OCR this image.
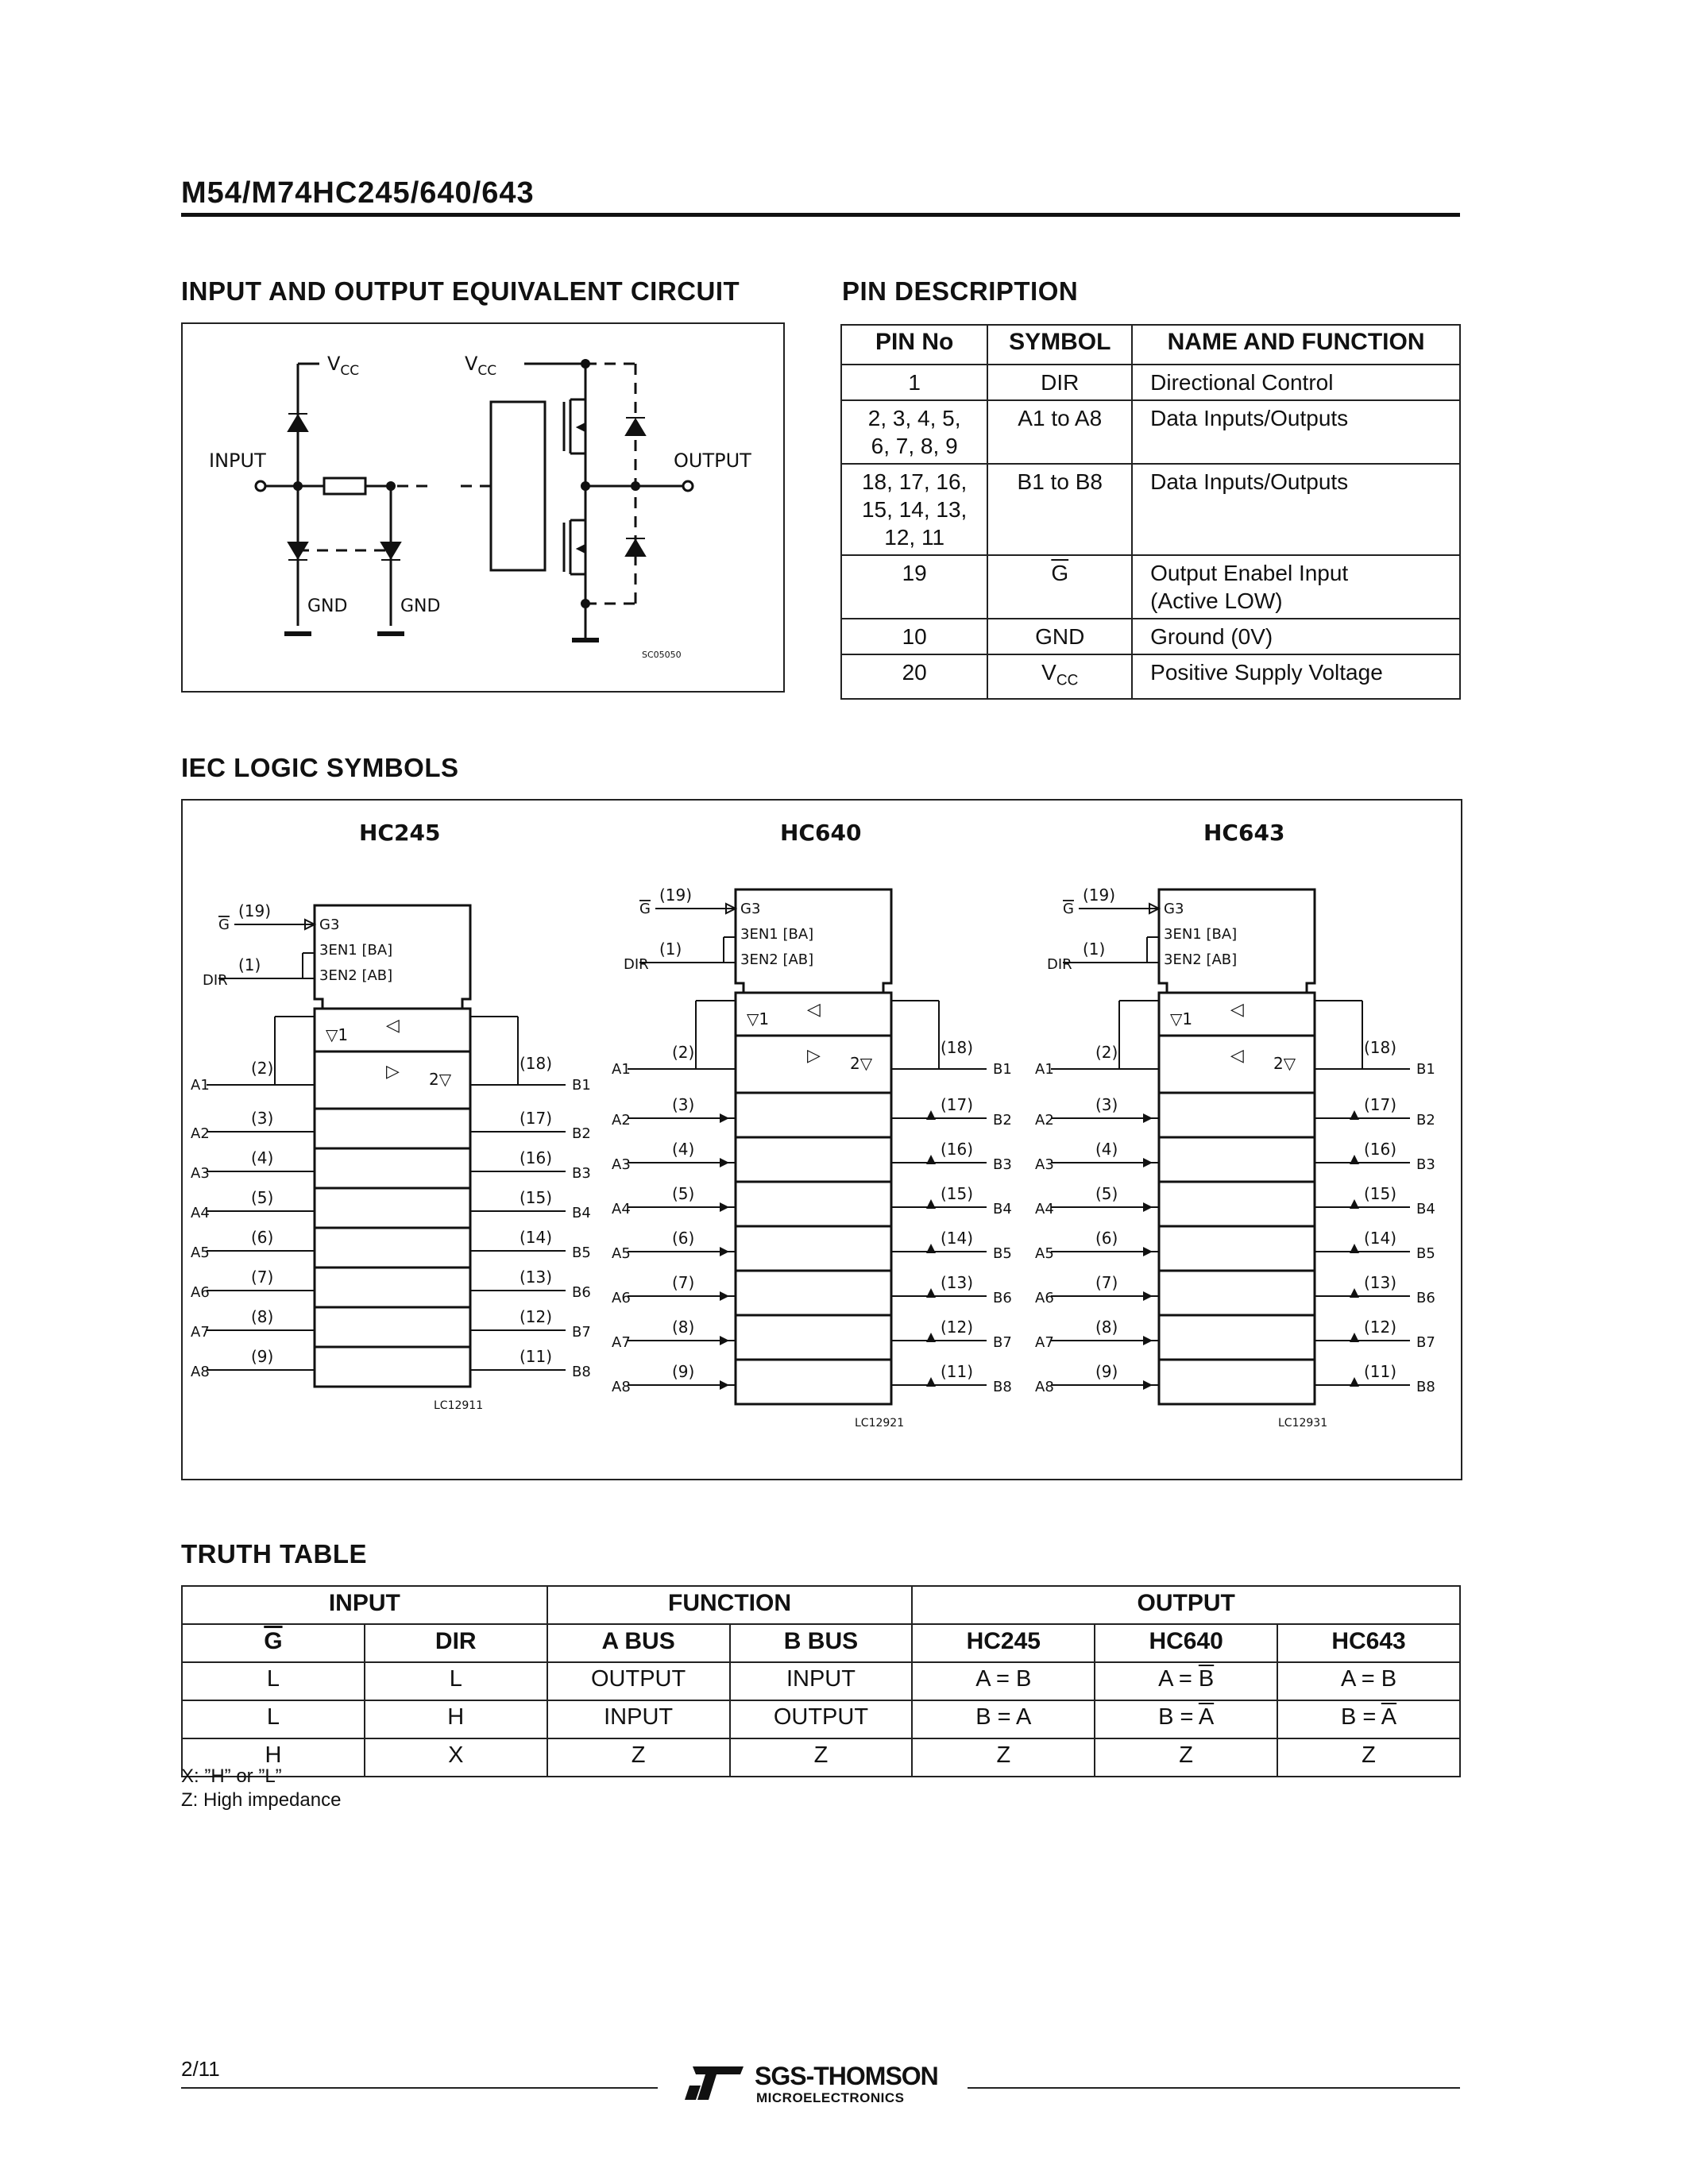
M54/M74HC245/640/643
INPUT AND OUTPUT EQUIVALENT CIRCUIT	PIN DESCRIPTION
$V_{CC}$	$V_{CC}$
INPUT	OUTPUT
GND	GND
SC05050
PIN No	SYMBOL	NAME AND FUNCTION
1	DIR	Directional Control
2, 3, 4, 5,
6, 7, 8, 9	A1 to A8	Data Inputs/Outputs
18, 17, 16,
15, 14, 13,
12, 11	B1 to B8	Data Inputs/Outputs
19	$\overline{G}$	Output Enabel Input
(Active LOW)
10	GND	Ground (0V)
20	$V_{CC}$	Positive Supply Voltage
IEC LOGIC SYMBOLS
HC245
G3
3EN1 [BA]
3EN2 [AB]
G
(19)
DIR
(1)
▽1 ◁
▷ 2▽
A1
(2)
B1
(18)
A2
(3)
B2
(17)
A3
(4)
B3
(16)
A4
(5)
B4
(15)
A5
(6)
B5
(14)
A6
(7)
B6
(13)
A7
(8)
B7
(12)
A8
(9)
B8
(11)
LC12911
HC640
G3
3EN1 [BA]
3EN2 [AB]
G
(19)
DIR
(1)
▽1 ◁
▷ 2▽
A1
(2)
B1
(18)
A2
(3)
B2
(17)
A3
(4)
B3
(16)
A4
(5)
B4
(15)
A5
(6)
B5
(14)
A6
(7)
B6
(13)
A7
(8)
B7
(12)
A8
(9)
B8
(11)
LC12921
HC643
G3
3EN1 [BA]
3EN2 [AB]
G
(19)
DIR
(1)
▽1 ◁
◁ 2▽
A1
(2)
B1
(18)
A2
(3)
B2
(17)
A3
(4)
B3
(16)
A4
(5)
B4
(15)
A5
(6)
B5
(14)
A6
(7)
B6
(13)
A7
(8)
B7
(12)
A8
(9)
B8
(11)
LC12931
TRUTH TABLE
INPUT		FUNCTION		OUTPUT		
$\overline{G}$	DIR	A BUS	B BUS	HC245	HC640	HC643
L	L	OUTPUT	INPUT	A = B	$A = \overline{B}$	A = B
L	H	INPUT	OUTPUT	B = A	$B = \overline{A}$	$B = \overline{A}$
H	X	Z	Z	Z	Z	Z
X: ”H” or ”L”
Z: High impedance
2/11	SGS-THOMSON
MICROELECTRONICS
